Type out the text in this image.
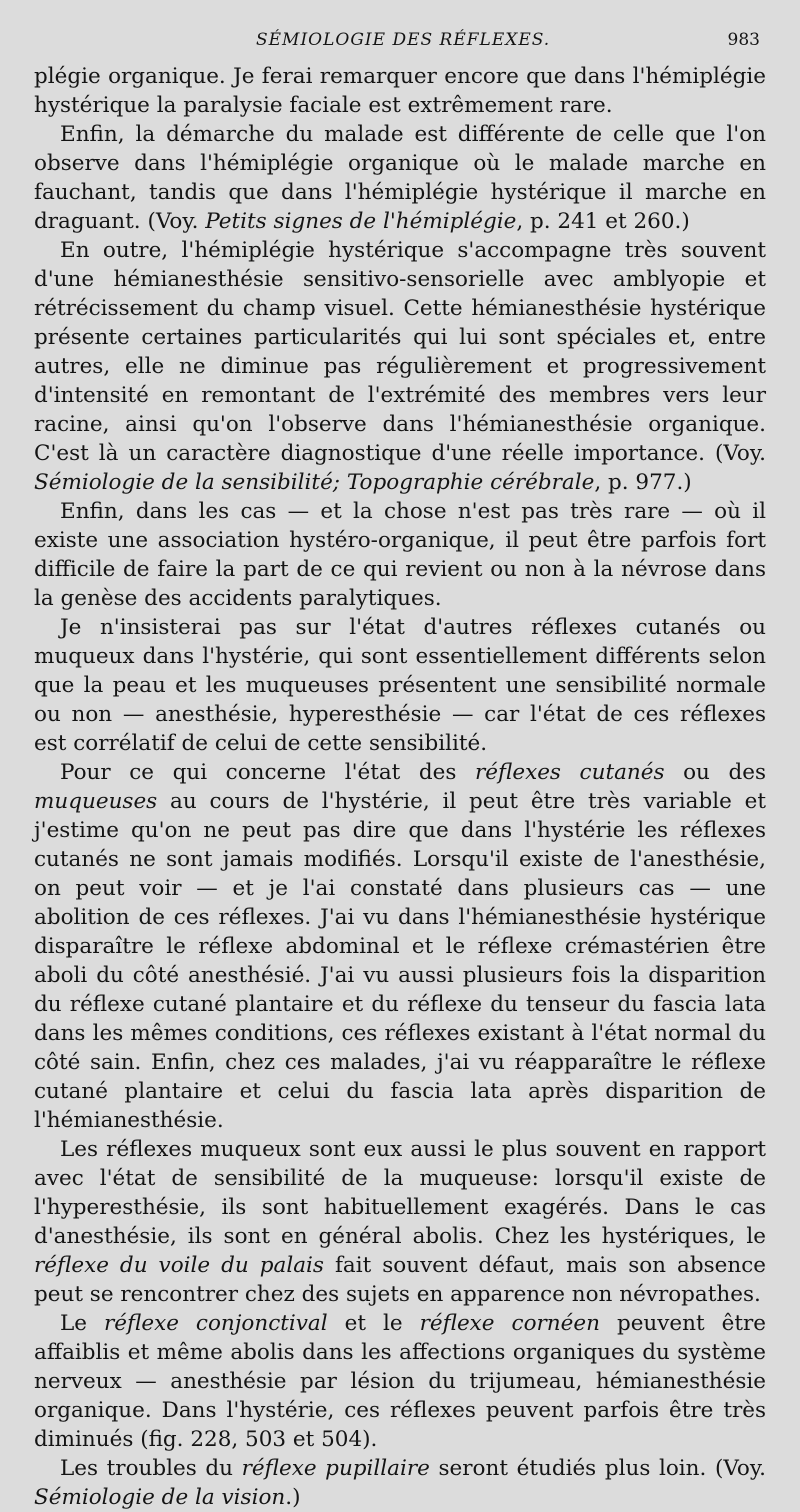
SÉMIOLOGIE DES RÉFLEXES.	983

plégie organique. Je ferai remarquer encore que dans l'hémiplégie hystérique la paralysie faciale est extrêmement rare.

Enfin, la démarche du malade est différente de celle que l'on observe dans l'hémiplégie organique où le malade marche en fauchant, tandis que dans l'hémiplégie hystérique il marche en draguant. (Voy. Petits signes de l'hémiplégie, p. 241 et 260.)

En outre, l'hémiplégie hystérique s'accompagne très souvent d'une hémianesthésie sensitivo-sensorielle avec amblyopie et rétrécissement du champ visuel. Cette hémianesthésie hystérique présente certaines particularités qui lui sont spéciales et, entre autres, elle ne diminue pas régulièrement et progressivement d'intensité en remontant de l'extrémité des membres vers leur racine, ainsi qu'on l'observe dans l'hémianesthésie organique. C'est là un caractère diagnostique d'une réelle importance. (Voy. Sémiologie de la sensibilité; Topographie cérébrale, p. 977.)

Enfin, dans les cas — et la chose n'est pas très rare — où il existe une association hystéro-organique, il peut être parfois fort difficile de faire la part de ce qui revient ou non à la névrose dans la genèse des accidents paralytiques.

Je n'insisterai pas sur l'état d'autres réflexes cutanés ou muqueux dans l'hystérie, qui sont essentiellement différents selon que la peau et les muqueuses présentent une sensibilité normale ou non — anesthésie, hyperesthésie — car l'état de ces réflexes est corrélatif de celui de cette sensibilité.

Pour ce qui concerne l'état des réflexes cutanés ou des muqueuses au cours de l'hystérie, il peut être très variable et j'estime qu'on ne peut pas dire que dans l'hystérie les réflexes cutanés ne sont jamais modifiés. Lorsqu'il existe de l'anesthésie, on peut voir — et je l'ai constaté dans plusieurs cas — une abolition de ces réflexes. J'ai vu dans l'hémianesthésie hystérique disparaître le réflexe abdominal et le réflexe crémastérien être aboli du côté anesthésié. J'ai vu aussi plusieurs fois la disparition du réflexe cutané plantaire et du réflexe du tenseur du fascia lata dans les mêmes conditions, ces réflexes existant à l'état normal du côté sain. Enfin, chez ces malades, j'ai vu réapparaître le réflexe cutané plantaire et celui du fascia lata après disparition de l'hémianesthésie.

Les réflexes muqueux sont eux aussi le plus souvent en rapport avec l'état de sensibilité de la muqueuse: lorsqu'il existe de l'hyperesthésie, ils sont habituellement exagérés. Dans le cas d'anesthésie, ils sont en général abolis. Chez les hystériques, le réflexe du voile du palais fait souvent défaut, mais son absence peut se rencontrer chez des sujets en apparence non névropathes.

Le réflexe conjonctival et le réflexe cornéen peuvent être affaiblis et même abolis dans les affections organiques du système nerveux — anesthésie par lésion du trijumeau, hémianesthésie organique. Dans l'hystérie, ces réflexes peuvent parfois être très diminués (fig. 228, 503 et 504).

Les troubles du réflexe pupillaire seront étudiés plus loin. (Voy. Sémiologie de la vision.)
